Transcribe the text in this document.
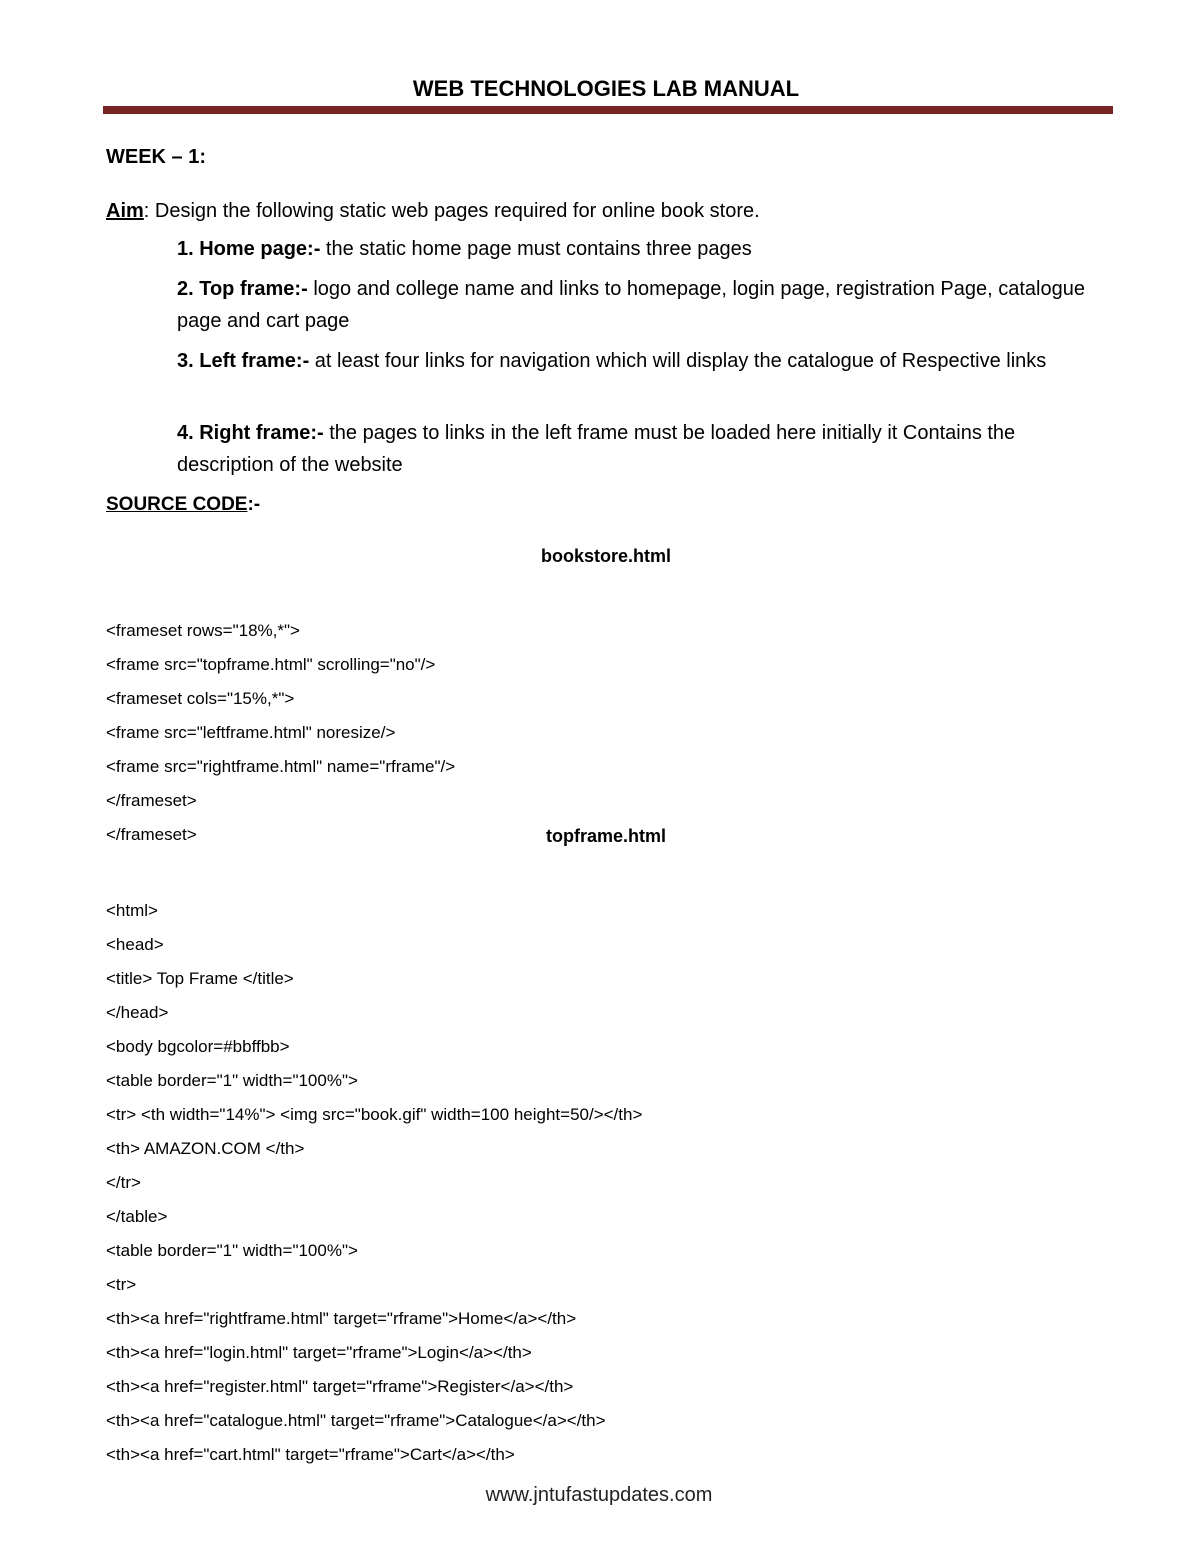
WEB TECHNOLOGIES LAB MANUAL
WEEK – 1:
Aim: Design the following static web pages required for online book store.
1. Home page:- the static home page must contains three pages
2. Top frame:- logo and college name and links to homepage, login page, registration Page, catalogue page and cart page
3. Left frame:- at least four links for navigation which will display the catalogue of Respective links
4. Right frame:- the pages to links in the left frame must be loaded here initially it Contains the description of the website
SOURCE CODE:-
bookstore.html

<frameset rows="18%,*">
<frame src="topframe.html" scrolling="no"/>
<frameset cols="15%,*">
<frame src="leftframe.html" noresize/>
<frame src="rightframe.html" name="rframe"/>
</frameset>
</frameset>	topframe.html

<html>
<head>
<title> Top Frame </title>
</head>
<body bgcolor=#bbffbb>
<table border="1" width="100%">
<tr> <th width="14%"> <img src="book.gif" width=100 height=50/></th>
<th> AMAZON.COM </th>
</tr>
</table>
<table border="1" width="100%">
<tr>
<th><a href="rightframe.html" target="rframe">Home</a></th>
<th><a href="login.html" target="rframe">Login</a></th>
<th><a href="register.html" target="rframe">Register</a></th>
<th><a href="catalogue.html" target="rframe">Catalogue</a></th>
<th><a href="cart.html" target="rframe">Cart</a></th>

www.jntufastupdates.com
